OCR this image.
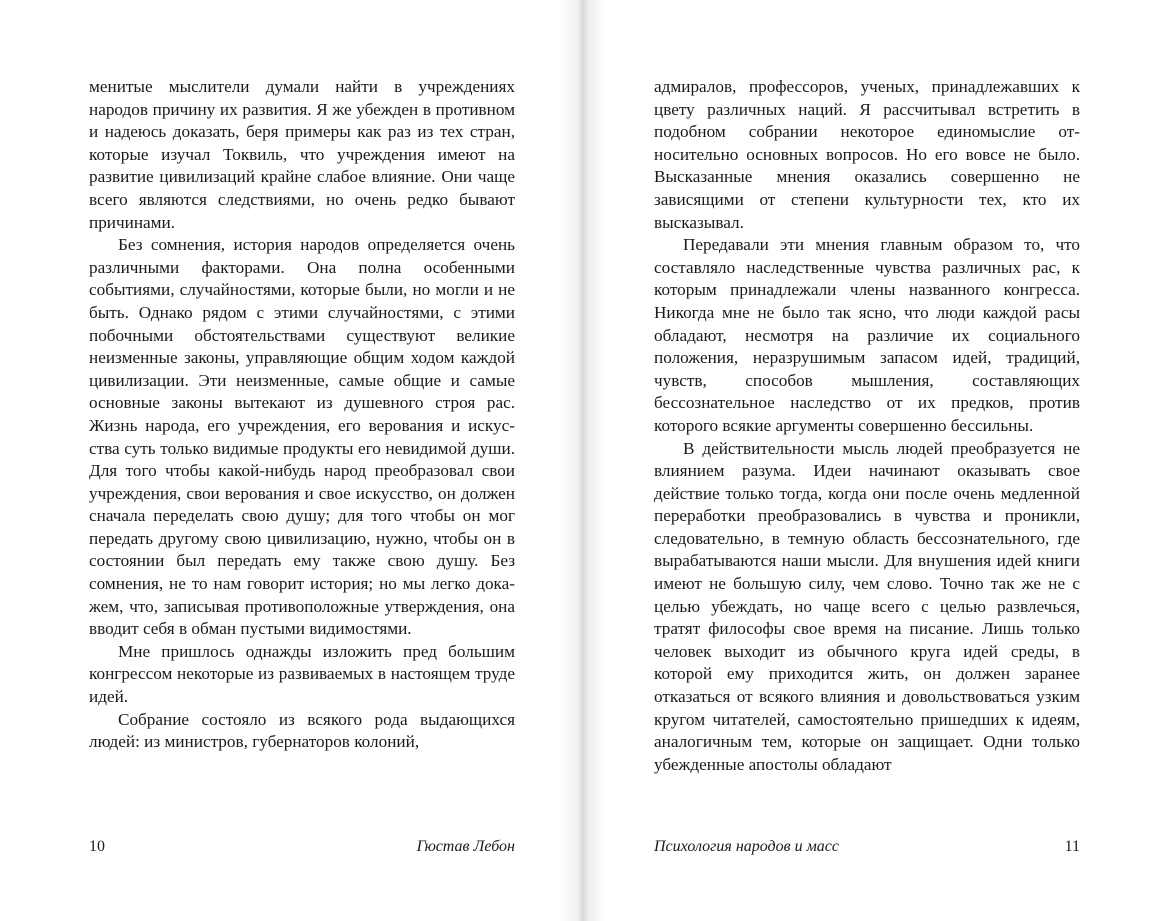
менитые мыслители думали найти в учреждениях народов причину их развития. Я же убежден в противном и надеюсь доказать, беря примеры как раз из тех стран, которые изучал Токвиль, что учреждения имеют на развитие цивилизаций крайне слабое влияние. Они чаще всего являются следствиями, но очень редко бывают причинами.

Без сомнения, история народов определяется очень различными факторами. Она полна особенными событиями, случайностями, которые были, но могли и не быть. Однако рядом с этими случайностями, с этими побочными обстоятельствами существуют великие неизменные законы, управляющие общим ходом каждой цивилизации. Эти неизменные, самые общие и самые основные законы вытекают из душевного строя рас. Жизнь народа, его учреждения, его верования и искусства суть только видимые продукты его невидимой души. Для того чтобы какой-нибудь народ преобразовал свои учреждения, свои верования и свое искусство, он должен сначала переделать свою душу; для того чтобы он мог передать другому свою цивилизацию, нужно, чтобы он в состоянии был передать ему также свою душу. Без сомнения, не то нам говорит история; но мы легко докажем, что, записывая противоположные утверждения, она вводит себя в обман пустыми видимостями.

Мне пришлось однажды изложить пред большим конгрессом некоторые из развиваемых в настоящем труде идей.

Собрание состояло из всякого рода выдающихся людей: из министров, губернаторов колоний,

10	Гюстав Лебон

адмиралов, профессоров, ученых, принадлежавших к цвету различных наций. Я рассчитывал встретить в подобном собрании некоторое единомыслие относительно основных вопросов. Но его вовсе не было. Высказанные мнения оказались совершенно не зависящими от степени культурности тех, кто их высказывал.

Передавали эти мнения главным образом то, что составляло наследственные чувства различных рас, к которым принадлежали члены названного конгресса. Никогда мне не было так ясно, что люди каждой расы обладают, несмотря на различие их социального положения, неразрушимым запасом идей, традиций, чувств, способов мышления, составляющих бессознательное наследство от их предков, против которого всякие аргументы совершенно бессильны.

В действительности мысль людей преобразуется не влиянием разума. Идеи начинают оказывать свое действие только тогда, когда они после очень медленной переработки преобразовались в чувства и проникли, следовательно, в темную область бессознательного, где вырабатываются наши мысли. Для внушения идей книги имеют не большую силу, чем слово. Точно так же не с целью убеждать, но чаще всего с целью развлечься, тратят философы свое время на писание. Лишь только человек выходит из обычного круга идей среды, в которой ему приходится жить, он должен заранее отказаться от всякого влияния и довольствоваться узким кругом читателей, самостоятельно пришедших к идеям, аналогичным тем, которые он защищает. Одни только убежденные апостолы обладают

Психология народов и масс	11
